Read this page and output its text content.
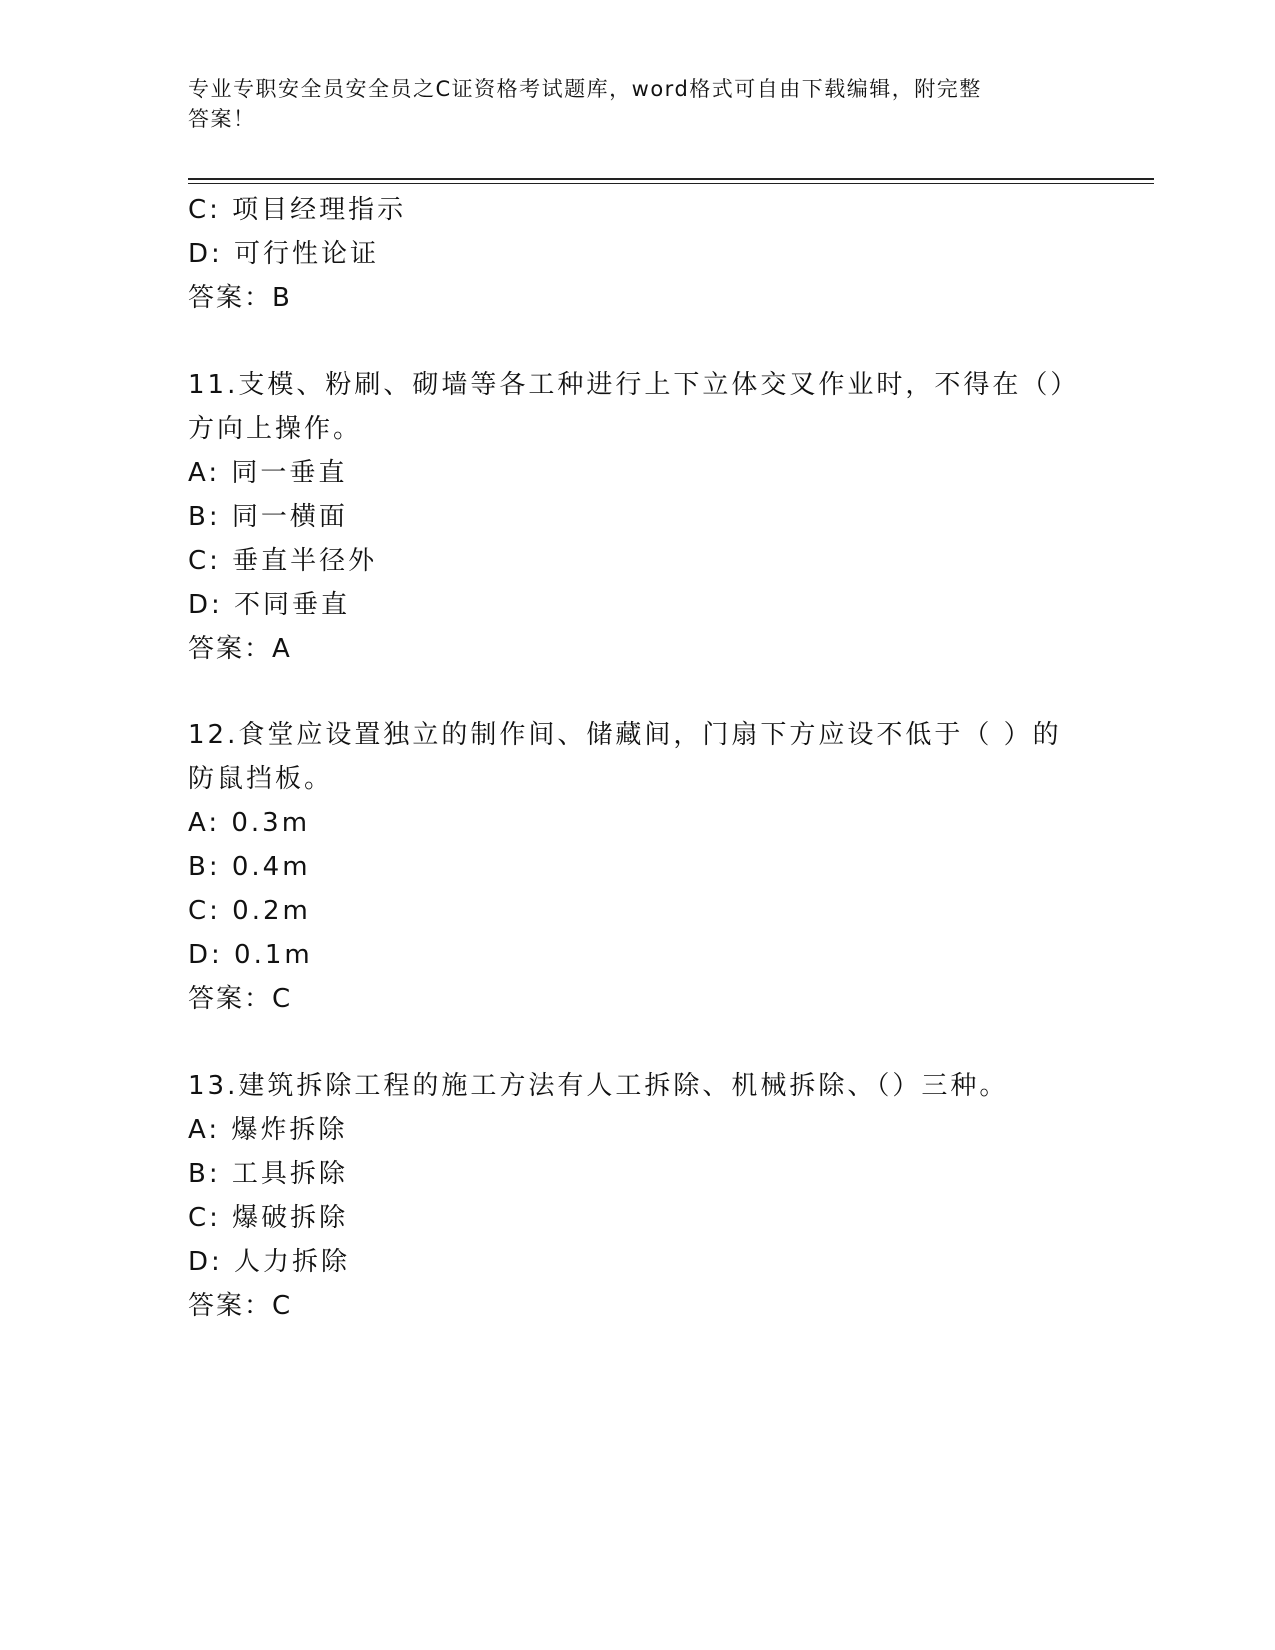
专业专职安全员安全员之C证资格考试题库，word格式可自由下载编辑，附完整
答案！
C: 项目经理指示
D: 可行性论证
答案：B
11.支模、粉刷、砌墙等各工种进行上下立体交叉作业时，不得在（）
方向上操作。
A: 同一垂直
B: 同一横面
C: 垂直半径外
D: 不同垂直
答案：A
12.食堂应设置独立的制作间、储藏间，门扇下方应设不低于（ ）的
防鼠挡板。
A: 0.3m
B: 0.4m
C: 0.2m
D: 0.1m
答案：C
13.建筑拆除工程的施工方法有人工拆除、机械拆除、（）三种。
A: 爆炸拆除
B: 工具拆除
C: 爆破拆除
D: 人力拆除
答案：C
